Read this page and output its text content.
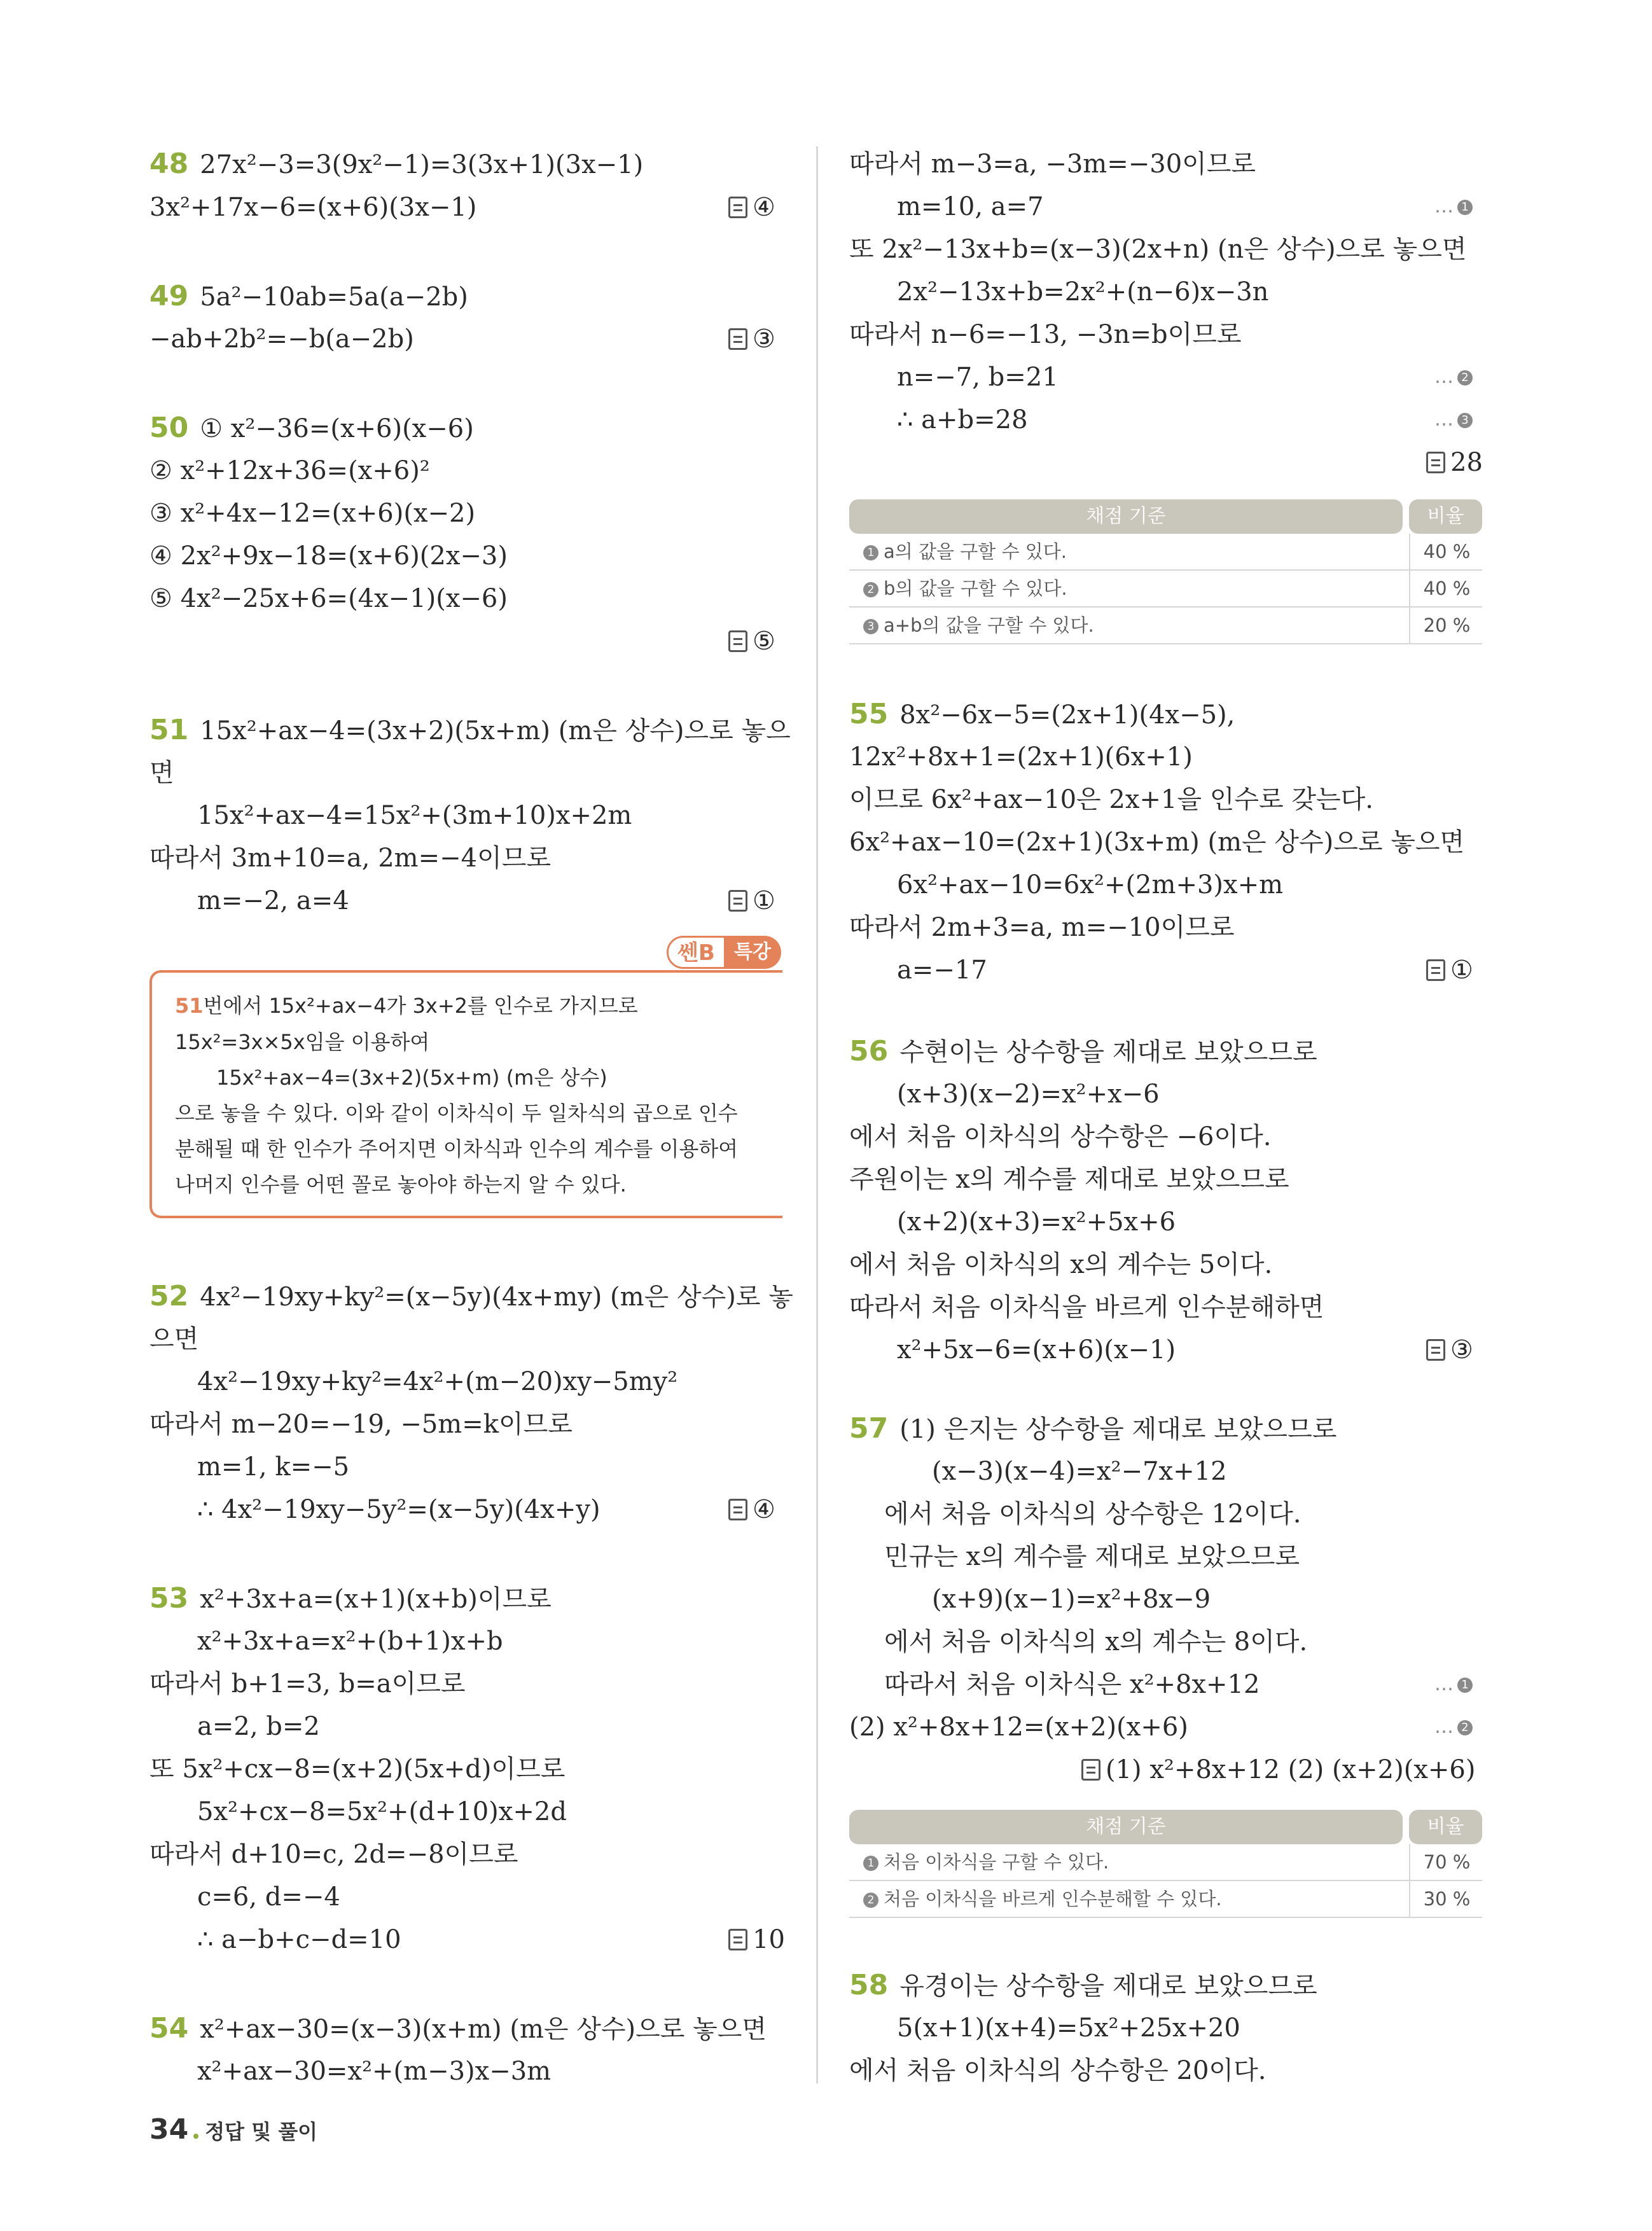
48 27x²−3=3(9x²−1)=3(3x+1)(3x−1)
3x²+17x−6=(x+6)(3x−1)	④
49 5a²−10ab=5a(a−2b)
−ab+2b²=−b(a−2b)	③
50 ① x²−36=(x+6)(x−6)
② x²+12x+36=(x+6)²
③ x²+4x−12=(x+6)(x−2)
④ 2x²+9x−18=(x+6)(2x−3)
⑤ 4x²−25x+6=(4x−1)(x−6)
⑤
51 15x²+ax−4=(3x+2)(5x+m) (m은 상수)으로 놓으
면
15x²+ax−4=15x²+(3m+10)x+2m
따라서 3m+10=a, 2m=−4이므로
m=−2, a=4	①
쎈B	특강
51번에서 15x²+ax−4가 3x+2를 인수로 가지므로
15x²=3x×5x임을 이용하여
15x²+ax−4=(3x+2)(5x+m) (m은 상수)
으로 놓을 수 있다. 이와 같이 이차식이 두 일차식의 곱으로 인수
분해될 때 한 인수가 주어지면 이차식과 인수의 계수를 이용하여
나머지 인수를 어떤 꼴로 놓아야 하는지 알 수 있다.
52 4x²−19xy+ky²=(x−5y)(4x+my) (m은 상수)로 놓
으면
4x²−19xy+ky²=4x²+(m−20)xy−5my²
따라서 m−20=−19, −5m=k이므로
m=1, k=−5
∴ 4x²−19xy−5y²=(x−5y)(4x+y)	④
53 x²+3x+a=(x+1)(x+b)이므로
x²+3x+a=x²+(b+1)x+b
따라서 b+1=3, b=a이므로
a=2, b=2
또 5x²+cx−8=(x+2)(5x+d)이므로
5x²+cx−8=5x²+(d+10)x+2d
따라서 d+10=c, 2d=−8이므로
c=6, d=−4
∴ a−b+c−d=10	10
54 x²+ax−30=(x−3)(x+m) (m은 상수)으로 놓으면
x²+ax−30=x²+(m−3)x−3m
따라서 m−3=a, −3m=−30이므로
m=10, a=7	… 1
또 2x²−13x+b=(x−3)(2x+n) (n은 상수)으로 놓으면
2x²−13x+b=2x²+(n−6)x−3n
따라서 n−6=−13, −3n=b이므로
n=−7, b=21	… 2
∴ a+b=28	… 3
28
채점 기준	비율
1 a의 값을 구할 수 있다.	40 %
2 b의 값을 구할 수 있다.	40 %
3 a+b의 값을 구할 수 있다.	20 %
55 8x²−6x−5=(2x+1)(4x−5),
12x²+8x+1=(2x+1)(6x+1)
이므로 6x²+ax−10은 2x+1을 인수로 갖는다.
6x²+ax−10=(2x+1)(3x+m) (m은 상수)으로 놓으면
6x²+ax−10=6x²+(2m+3)x+m
따라서 2m+3=a, m=−10이므로
a=−17	①
56 수현이는 상수항을 제대로 보았으므로
(x+3)(x−2)=x²+x−6
에서 처음 이차식의 상수항은 −6이다.
주원이는 x의 계수를 제대로 보았으므로
(x+2)(x+3)=x²+5x+6
에서 처음 이차식의 x의 계수는 5이다.
따라서 처음 이차식을 바르게 인수분해하면
x²+5x−6=(x+6)(x−1)	③
57 (1) 은지는 상수항을 제대로 보았으므로
(x−3)(x−4)=x²−7x+12
에서 처음 이차식의 상수항은 12이다.
민규는 x의 계수를 제대로 보았으므로
(x+9)(x−1)=x²+8x−9
에서 처음 이차식의 x의 계수는 8이다.
따라서 처음 이차식은 x²+8x+12	… 1
(2) x²+8x+12=(x+2)(x+6)	… 2
(1) x²+8x+12 (2) (x+2)(x+6)
채점 기준	비율
1 처음 이차식을 구할 수 있다.	70 %
2 처음 이차식을 바르게 인수분해할 수 있다.	30 %
58 유경이는 상수항을 제대로 보았으므로
5(x+1)(x+4)=5x²+25x+20
에서 처음 이차식의 상수항은 20이다.
34 정답 및 풀이
